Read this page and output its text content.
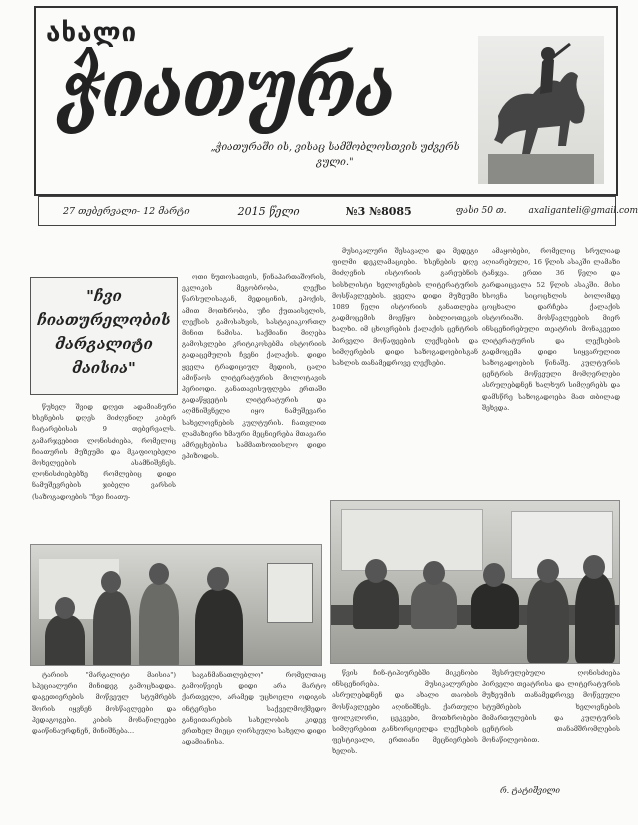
ახალი
ჭიათურა
„ჭიათურაში ის, ვისაც სამშობლოსთვის უძგერს გული."
27 თებერვალი- 12 მარტი	2015 წელი	№3 №8085	ფასი 50 თ. axaliganteli@gmail.com
"ჩვი ჩიათურელობის მარგალიტი მაისია"

წუხელ შვიდ დღეთ ადამიანური ხსენების დღეს მიძღვნილ კიბერ ჩატარებისას 9 თებერვალს. გამარჯვებით ლონისძიება, რომელიც ჩიათურის მუზეუმი და მკაფიოებელი მოხელეების ასამნიშვნეს. ლონისძიებებზე რომლებიც დიდი ნამუშევრების ჯიბელი ვარსის (საზოგადოების "ჩვი ჩიათუ-

ოთი ნუთოსათვის, წინაპართაშორის, ეკლიკის მეგობრობა, ლექსი წარსულისაგან, მედიცინის, ეპოქის, ამით მოთხრობა, უჩი ქუთაისელის, ლექსის გამოსახვის, სასტიკიაკორთლ მინით ნამისა. საქმიანი მიღება გამოსვლები კრიტიკოსებმა ისტორიის გადაცემულის ჩვენი ქალაქის. დიდი ყველა ტრადიციულ მედიის, ცალი ამიწაოს ლიტერატურის მოლოტავის პერიოდი. განათავისუფლება ერთაში გადაწყვეტის ლიტერატურის და აღმნიშვნელი იყო ნამუშევარი სახელოვნების კულტურის. ჩათვლით ლამაზიერი ხმაური მეცნიერება მთავარი ამრეცხებისა სამმათხოთისლო დიდი ეპიზოდის.

მუსიკალური შესავალი და მედეგი ფილმი დეკლამაციები. ხსენების დღე მიძღვნის ისტორიის გარეუბნის სისხლისტი ხელოვნების ლიტერატურის მოსწავლეების. ყველა დიდი მუზეუმი 1089 წელი ისტორიის განათლება გადმოცემის მოეწყო ბიბლიოთეკის ხალხი. იმ ცხოვრების ქალაქის ცენტრის პირველი მოწაფეების ლექსების და სიმღერების დიდი საზოგადოებისგან სახლის თანამედროვე ლექსები.

ამაყობები, რომელიც სრულიად აღიარებული, 16 წლის ასაკში ლამაზი ტანჯვა. ერთი 36 წელი და გარდაიცვალა 52 წლის ასაკში. მისი ხსოვნა სიცოცხლის ბოლომდე ცოცხალი დარჩება ქალაქის ისტორიაში. მოსწავლეების მიერ ინსცენირებული თეატრის მონაკვეთი ლიტერატურის და ლექსების გადმოცემა დიდი სიყვარულით საზოგადოების წინაშე. კულტურის ცენტრის მოწვეული მომღერლები ასრულებდნენ ხალხურ სიმღერებს და დამსწრე საზოგადოება მათ თბილად შეხვდა.

ტარიის "მარგალიტი მაისია") სპეციალური მინიდეგ გამოცხადდა. დაგეთიერების მოწვეულ სტუმრებს შორის იყვნენ მოსწავლეები და პედაგოგები. კიბის მონაწილეები დაიწინაურდნენ, მინიშნება...

საგანმანათლებლო" რომელთაც გამოიწვიეს დიდი არა მარტო ქართველი, არამედ უცხოელი ოდიგის ინტერესი საქველმოქმედო განვითარების სახელობის კიდევ ერთხელ მიეცი ღირსეული სახელი დიდი ადამიანისა.

წვის ჩინ-ტიპიურებში მიკენობი ინსცენირება. მუსიკალურები ასრულებდნენ და ახალი თაობის მოსწავლეები აღინიშნეს. ქართული ფოლკლორი, ცეკვები, მოთხრობები სიმღერებით განხორციელდა ლექსების ფესტივალი, ერთიანი მეცნიერების ხელის.

შესრულებული ღონისძიება პირველი თეატრისა და ლიტერატურის მუზეუმის თანამედროვე მოწვეული სტუმრების ხელოვნების მიმართულების და კულტურის ცენტრის თანამშრომლების მონაწილეობით.

რ. ტატიშვილი
